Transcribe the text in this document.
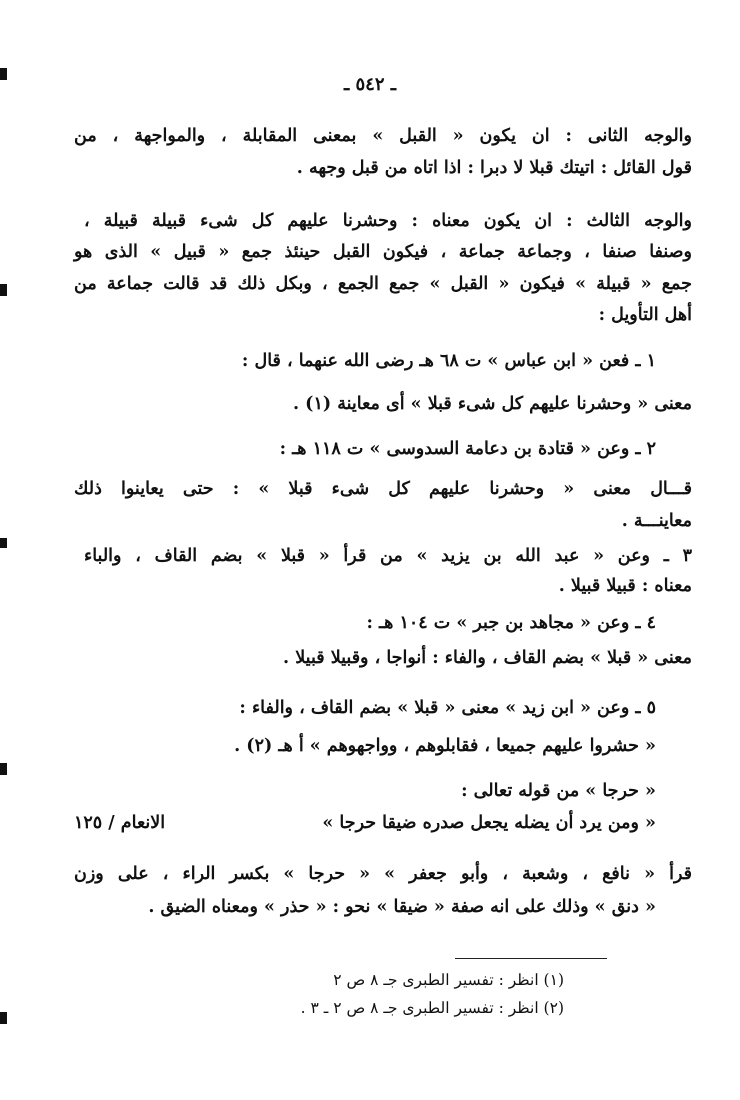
ـ ٥٤٢ ـ
والوجه الثانى : ان يكون « القبل » بمعنى المقابلة ، والمواجهة ، من
قول القائل : اتيتك قبلا لا دبرا : اذا اتاه من قبل وجهه .
والوجه الثالث : ان يكون معناه : وحشرنا عليهم كل شىء قبيلة قبيلة ،
وصنفا صنفا ، وجماعة جماعة ، فيكون القبل حينئذ جمع « قبيل » الذى هو
جمع « قبيلة » فيكون « القبل » جمع الجمع ، وبكل ذلك قد قالت جماعة من
أهل التأويل :
١ ـ فعن « ابن عباس » ت ٦٨ هـ رضى الله عنهما ، قال :
معنى « وحشرنا عليهم كل شىء قبلا » أى معاينة (١) .
٢ ـ وعن « قتادة بن دعامة السدوسى » ت ١١٨ هـ :
قـــال معنى « وحشرنا عليهم كل شىء قبلا » : حتى يعاينوا ذلك
معاينـــة .
٣ ـ وعن « عبد الله بن يزيد » من قرأ « قبلا » بضم القاف ، والباء
معناه : قبيلا قبيلا .
٤ ـ وعن « مجاهد بن جبر » ت ١٠٤ هـ :
معنى « قبلا » بضم القاف ، والفاء : أنواجا ، وقبيلا قبيلا .
٥ ـ وعن « ابن زيد » معنى « قبلا » بضم القاف ، والفاء :
« حشروا عليهم جميعا ، فقابلوهم ، وواجهوهم » أ هـ (٢) .
« حرجا » من قوله تعالى :
« ومن يرد أن يضله يجعل صدره ضيقا حرجا »
الانعام / ١٢٥
قرأ « نافع ، وشعبة ، وأبو جعفر » « حرجا » بكسر الراء ، على وزن
« دنق » وذلك على انه صفة « ضيقا » نحو : « حذر » ومعناه الضيق .
(١) انظر : تفسير الطبرى جـ ٨ ص ٢
(٢) انظر : تفسير الطبرى جـ ٨ ص ٢ ـ ٣ .
